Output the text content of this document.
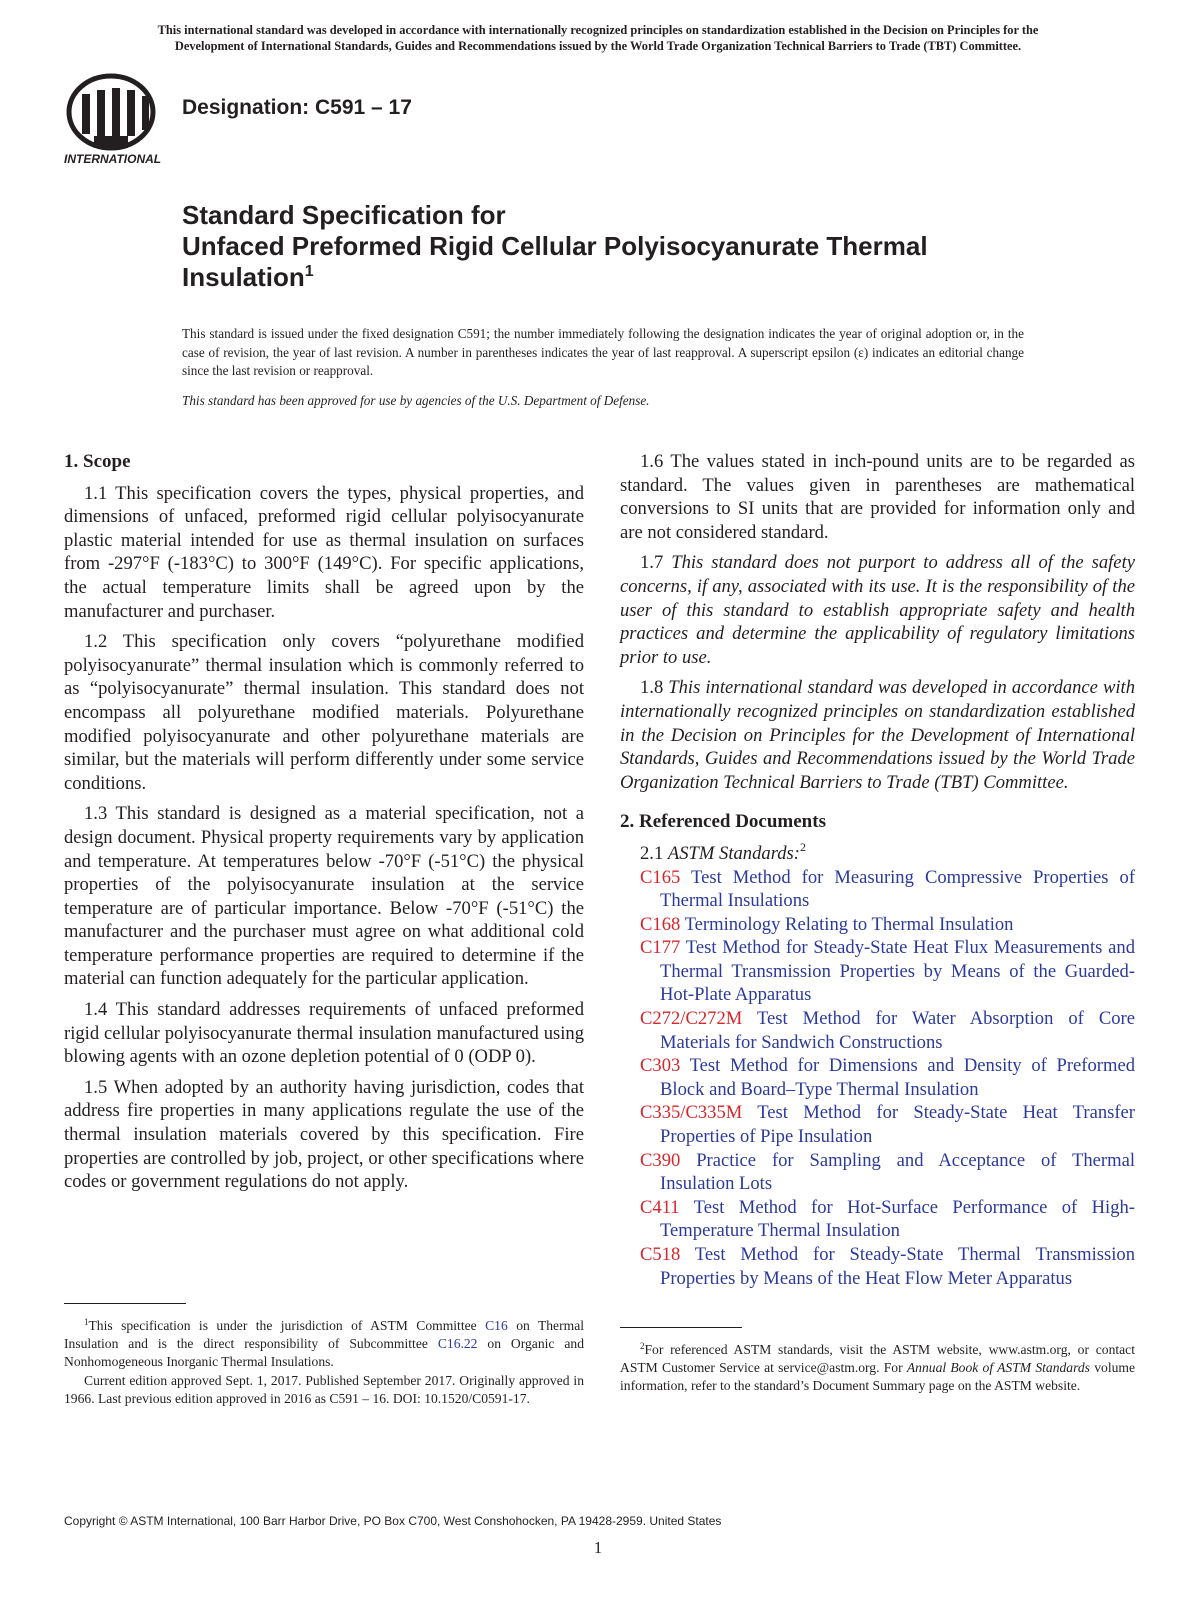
This international standard was developed in accordance with internationally recognized principles on standardization established in the Decision on Principles for the
Development of International Standards, Guides and Recommendations issued by the World Trade Organization Technical Barriers to Trade (TBT) Committee.
INTERNATIONAL
Designation: C591 – 17
Standard Specification for
Unfaced Preformed Rigid Cellular Polyisocyanurate Thermal
Insulation$^1$
This standard is issued under the fixed designation C591; the number immediately following the designation indicates the year of original adoption or, in the case of revision, the year of last revision. A number in parentheses indicates the year of last reapproval. A superscript epsilon (ε) indicates an editorial change since the last revision or reapproval.
This standard has been approved for use by agencies of the U.S. Department of Defense.
1. Scope

1.1 This specification covers the types, physical properties, and dimensions of unfaced, preformed rigid cellular polyisocyanurate plastic material intended for use as thermal insulation on surfaces from -297°F (-183°C) to 300°F (149°C). For specific applications, the actual temperature limits shall be agreed upon by the manufacturer and purchaser.

1.2 This specification only covers “polyurethane modified polyisocyanurate” thermal insulation which is commonly referred to as “polyisocyanurate” thermal insulation. This standard does not encompass all polyurethane modified materials. Polyurethane modified polyisocyanurate and other polyurethane materials are similar, but the materials will perform differently under some service conditions.

1.3 This standard is designed as a material specification, not a design document. Physical property requirements vary by application and temperature. At temperatures below -70°F (-51°C) the physical properties of the polyisocyanurate insulation at the service temperature are of particular importance. Below -70°F (-51°C) the manufacturer and the purchaser must agree on what additional cold temperature performance properties are required to determine if the material can function adequately for the particular application.

1.4 This standard addresses requirements of unfaced preformed rigid cellular polyisocyanurate thermal insulation manufactured using blowing agents with an ozone depletion potential of 0 (ODP 0).

1.5 When adopted by an authority having jurisdiction, codes that address fire properties in many applications regulate the use of the thermal insulation materials covered by this specification. Fire properties are controlled by job, project, or other specifications where codes or government regulations do not apply.

1.6 The values stated in inch-pound units are to be regarded as standard. The values given in parentheses are mathematical conversions to SI units that are provided for information only and are not considered standard.

1.7 This standard does not purport to address all of the safety concerns, if any, associated with its use. It is the responsibility of the user of this standard to establish appropriate safety and health practices and determine the applicability of regulatory limitations prior to use.

1.8 This international standard was developed in accordance with internationally recognized principles on standardization established in the Decision on Principles for the Development of International Standards, Guides and Recommendations issued by the World Trade Organization Technical Barriers to Trade (TBT) Committee.

2. Referenced Documents

2.1 ASTM Standards:$^2$

C165 Test Method for Measuring Compressive Properties of Thermal Insulations
C168 Terminology Relating to Thermal Insulation
C177 Test Method for Steady-State Heat Flux Measurements and Thermal Transmission Properties by Means of the Guarded-Hot-Plate Apparatus
C272/C272M Test Method for Water Absorption of Core Materials for Sandwich Constructions
C303 Test Method for Dimensions and Density of Preformed Block and Board–Type Thermal Insulation
C335/C335M Test Method for Steady-State Heat Transfer Properties of Pipe Insulation
C390 Practice for Sampling and Acceptance of Thermal Insulation Lots
C411 Test Method for Hot-Surface Performance of High-Temperature Thermal Insulation
C518 Test Method for Steady-State Thermal Transmission Properties by Means of the Heat Flow Meter Apparatus

$^1$This specification is under the jurisdiction of ASTM Committee C16 on Thermal Insulation and is the direct responsibility of Subcommittee C16.22 on Organic and Nonhomogeneous Inorganic Thermal Insulations.

Current edition approved Sept. 1, 2017. Published September 2017. Originally approved in 1966. Last previous edition approved in 2016 as C591 – 16. DOI: 10.1520/C0591-17.

$^2$For referenced ASTM standards, visit the ASTM website, www.astm.org, or contact ASTM Customer Service at service@astm.org. For Annual Book of ASTM Standards volume information, refer to the standard’s Document Summary page on the ASTM website.

Copyright © ASTM International, 100 Barr Harbor Drive, PO Box C700, West Conshohocken, PA 19428-2959. United States
1
